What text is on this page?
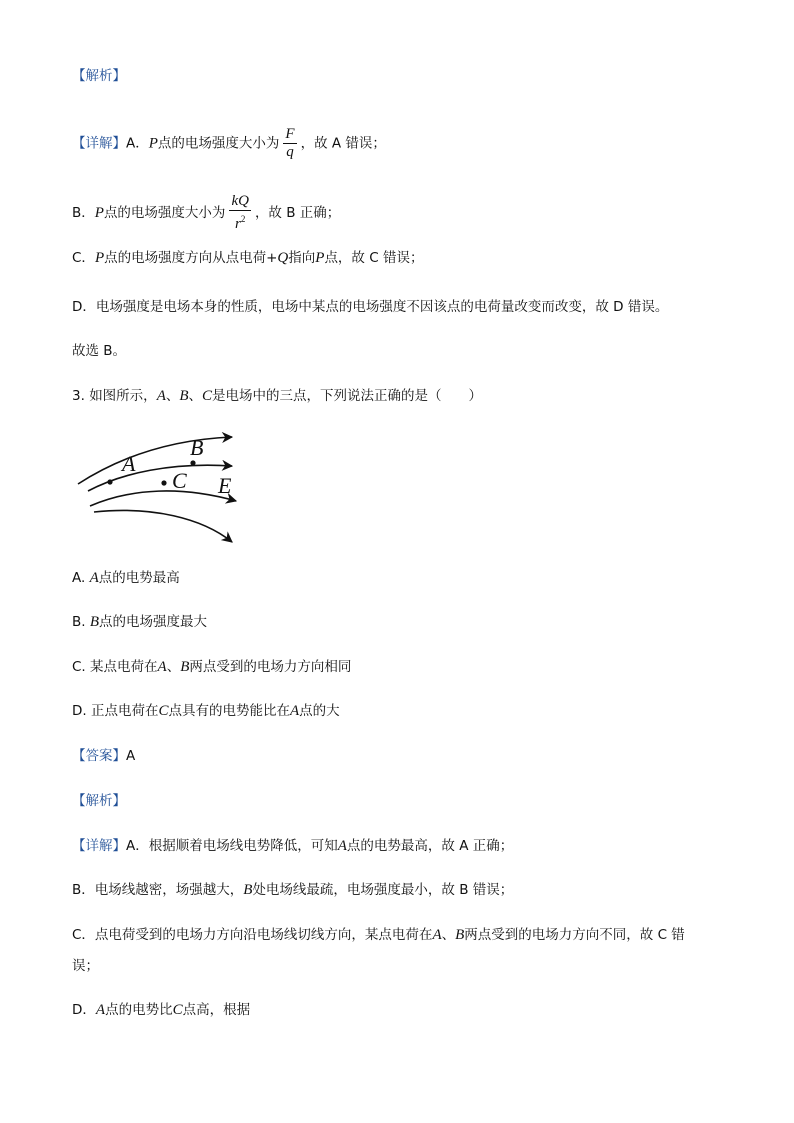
【解析】
【详解】A．P点的电场强度大小为 $\frac{F}{q}$ ，故 A 错误；
B．P点的电场强度大小为 $\frac{kQ}{r^2}$ ，故 B 正确；
C．P点的电场强度方向从点电荷+Q指向P点，故 C 错误；
D．电场强度是电场本身的性质，电场中某点的电场强度不因该点的电荷量改变而改变，故 D 错误。
故选 B。
3. 如图所示，A、B、C是电场中的三点，下列说法正确的是（　　）
A
B
C E
A. A点的电势最高
B. B点的电场强度最大
C. 某点电荷在A、B两点受到的电场力方向相同
D. 正点电荷在C点具有的电势能比在A点的大
【答案】A
【解析】
【详解】A．根据顺着电场线电势降低，可知A点的电势最高，故 A 正确；
B．电场线越密，场强越大，B处电场线最疏，电场强度最小，故 B 错误；
C．点电荷受到的电场力方向沿电场线切线方向，某点电荷在A、B两点受到的电场力方向不同，故 C 错
误；
D．A点的电势比C点高，根据
